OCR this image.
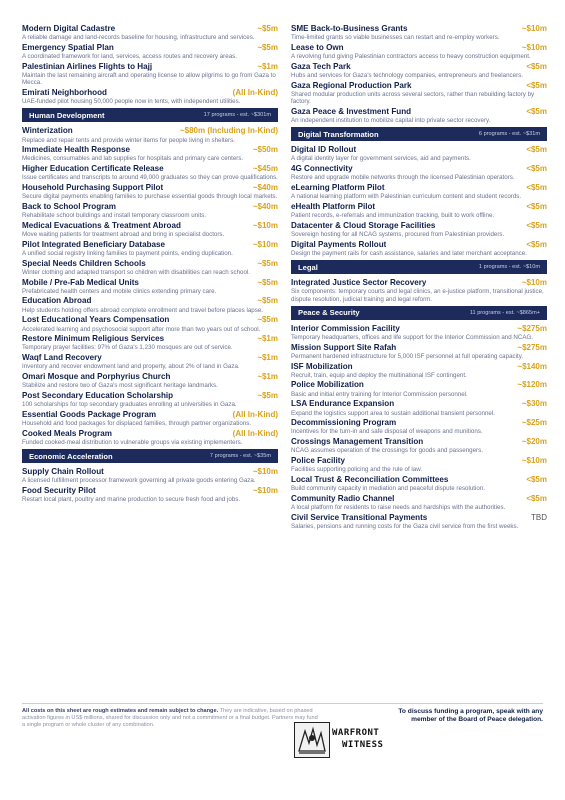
Modern Digital Cadastre	~$5m
A reliable damage and land-records baseline for housing, infrastructure and services.
Emergency Spatial Plan	~$5m
A coordinated framework for land, services, access routes and recovery areas.
Palestinian Airlines Flights to Hajj	~$1m
Maintain the last remaining aircraft and operating license to allow pilgrims to go from Gaza to Mecca.
Emirati Neighborhood	(All In-Kind)
UAE-funded pilot housing 50,000 people now in tents, with independent utilities.
Human Development	17 programs - est. ~$301m
Winterization	~$80m (Including In-Kind)
Replace and repair tents and provide winter items for people living in shelters.
Immediate Health Response	~$50m
Medicines, consumables and lab supplies for hospitals and primary care centers.
Higher Education Certificate Release	~$45m
Issue certificates and transcripts to around 49,000 graduates so they can prove qualifications.
Household Purchasing Support Pilot	~$40m
Secure digital payments enabling families to purchase essential goods through local markets.
Back to School Program	~$40m
Rehabilitate school buildings and install temporary classroom units.
Medical Evacuations & Treatment Abroad	~$10m
Move waiting patients for treatment abroad and bring in specialist doctors.
Pilot Integrated Beneficiary Database	~$10m
A unified social registry linking families to payment points, ending duplication.
Special Needs Children Schools	~$5m
Winter clothing and adapted transport so children with disabilities can reach school.
Mobile / Pre-Fab Medical Units	~$5m
Prefabricated health centers and mobile clinics extending primary care.
Education Abroad	~$5m
Help students holding offers abroad complete enrollment and travel before places lapse.
Lost Educational Years Compensation	~$5m
Accelerated learning and psychosocial support after more than two years out of school.
Restore Minimum Religious Services	~$1m
Temporary prayer facilities: 97% of Gaza's 1,230 mosques are out of service.
Waqf Land Recovery	~$1m
Inventory and recover endowment land and property, about 2% of land in Gaza.
Omari Mosque and Porphyrius Church	~$1m
Stabilize and restore two of Gaza's most significant heritage landmarks.
Post Secondary Education Scholarship	~$5m
100 scholarships for top secondary graduates enrolling at universities in Gaza.
Essential Goods Package Program	(All In-Kind)
Household and food packages for displaced families, through partner organizations.
Cooked Meals Program	(All In-Kind)
Funded cooked-meal distribution to vulnerable groups via existing implementers.
Economic Acceleration	7 programs - est. ~$35m
Supply Chain Rollout	~$10m
A licensed fulfillment processor framework governing all private goods entering Gaza.
Food Security Pilot	~$10m
Restart local plant, poultry and marine production to secure fresh food and jobs.
SME Back-to-Business Grants	~$10m
Time-limited grants so viable businesses can restart and re-employ workers.
Lease to Own	~$10m
A revolving fund giving Palestinian contractors access to heavy construction equipment.
Gaza Tech Park	<$5m
Hubs and services for Gaza's technology companies, entrepreneurs and freelancers.
Gaza Regional Production Park	<$5m
Shared modular production units across several sectors, rather than rebuilding factory by factory.
Gaza Peace & Investment Fund	<$5m
An independent institution to mobilize capital into private sector recovery.
Digital Transformation	6 programs - est. ~$31m
Digital ID Rollout	<$5m
A digital identity layer for government services, aid and payments.
4G Connectivity	<$5m
Restore and upgrade mobile networks through the licensed Palestinian operators.
eLearning Platform Pilot	<$5m
A national learning platform with Palestinian curriculum content and student records.
eHealth Platform Pilot	<$5m
Patient records, e-referrals and immunization tracking, built to work offline.
Datacenter & Cloud Storage Facilities	<$5m
Sovereign hosting for all NCAG systems, procured from Palestinian providers.
Digital Payments Rollout	<$5m
Design the payment rails for cash assistance, salaries and later merchant acceptance.
Legal	1 programs - est. ~$10m
Integrated Justice Sector Recovery	~$10m
Six components: temporary courts and legal clinics, an e-justice platform, transitional justice, dispute resolution, judicial training and legal reform.
Peace & Security	11 programs - est. ~$865m+
Interior Commission Facility	~$275m
Temporary headquarters, offices and life support for the Interior Commission and NCAG.
Mission Support Site Rafah	~$275m
Permanent hardened infrastructure for 5,000 ISF personnel at full operating capacity.
ISF Mobilization	~$140m
Recruit, train, equip and deploy the multinational ISF contingent.
Police Mobilization	~$120m
Basic and initial entry training for Interior Commission personnel.
LSA Endurance Expansion	~$30m
Expand the logistics support area to sustain additional transient personnel.
Decommissioning Program	~$25m
Incentives for the turn-in and safe disposal of weapons and munitions.
Crossings Management Transition	~$20m
NCAG assumes operation of the crossings for goods and passengers.
Police Facility	~$10m
Facilities supporting policing and the rule of law.
Local Trust & Reconciliation Committees	<$5m
Build community capacity in mediation and peaceful dispute resolution.
Community Radio Channel	<$5m
A local platform for residents to raise needs and hardships with the authorities.
Civil Service Transitional Payments	TBD
Salaries, pensions and running costs for the Gaza civil service from the first weeks.
All costs on this sheet are rough estimates and remain subject to change. They are indicative, based on phased activation figures in US$ millions, shared for discussion only and not a commitment or a final budget. Partners may fund a single program or whole cluster of any combination.
WARFRONT
WITNESS
To discuss funding a program, speak with any member of the Board of Peace delegation.
